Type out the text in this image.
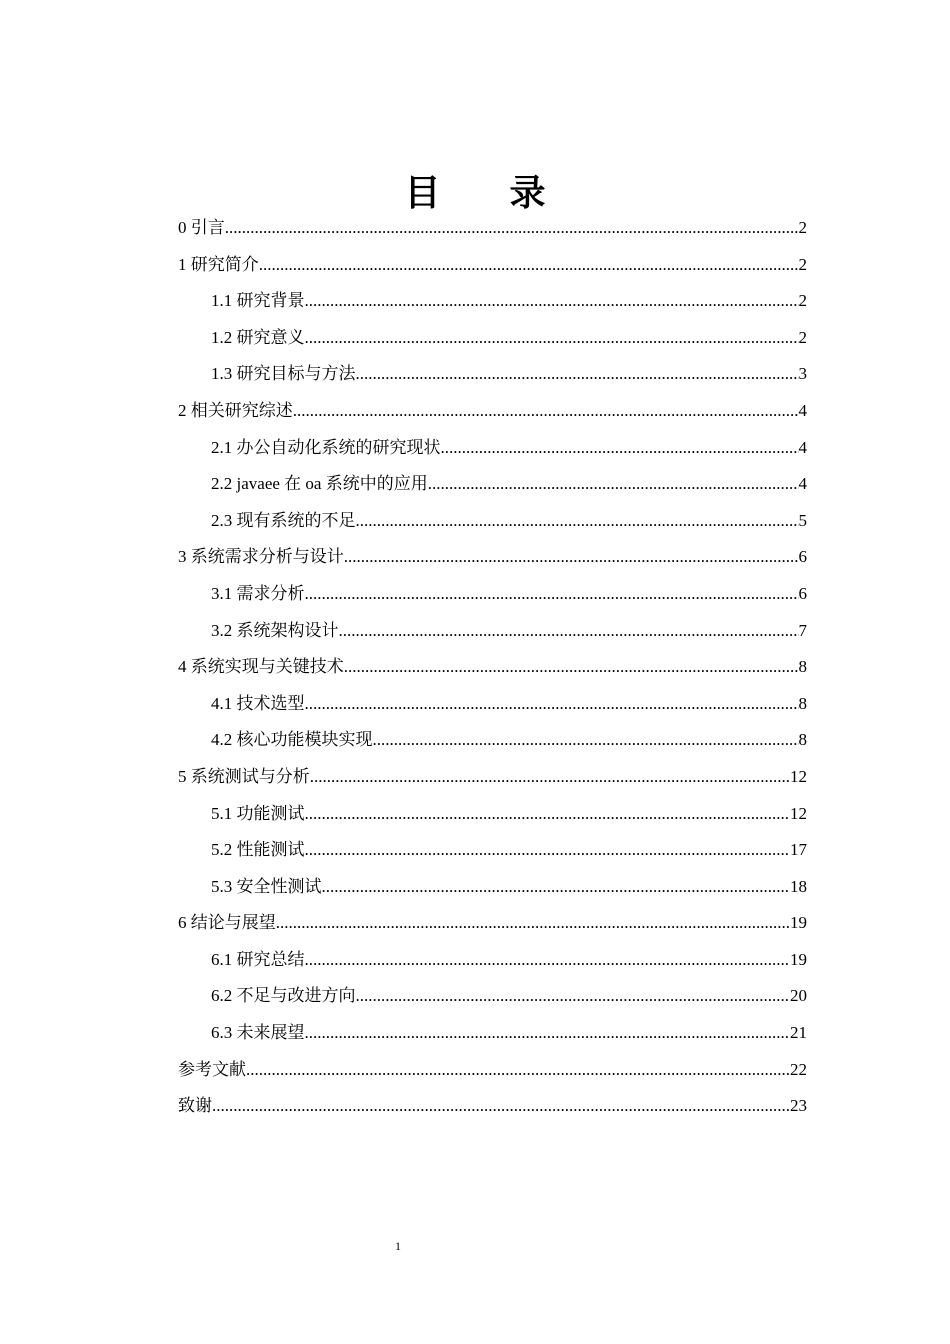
目 录
0 引言 .....	2
1 研究简介 .....	2
1.1 研究背景 .....	2
1.2 研究意义 .....	2
1.3 研究目标与方法 .....	3
2 相关研究综述 .....	4
2.1 办公自动化系统的研究现状 .....	4
2.2 javaee 在 oa 系统中的应用 .....	4
2.3 现有系统的不足 .....	5
3 系统需求分析与设计 .....	6
3.1 需求分析 .....	6
3.2 系统架构设计 .....	7
4 系统实现与关键技术 .....	8
4.1 技术选型 .....	8
4.2 核心功能模块实现 .....	8
5 系统测试与分析 .....	12
5.1 功能测试 .....	12
5.2 性能测试 .....	17
5.3 安全性测试 .....	18
6 结论与展望 .....	19
6.1 研究总结 .....	19
6.2 不足与改进方向 .....	20
6.3 未来展望 .....	21
参考文献 .....	22
致谢 .....	23
1
